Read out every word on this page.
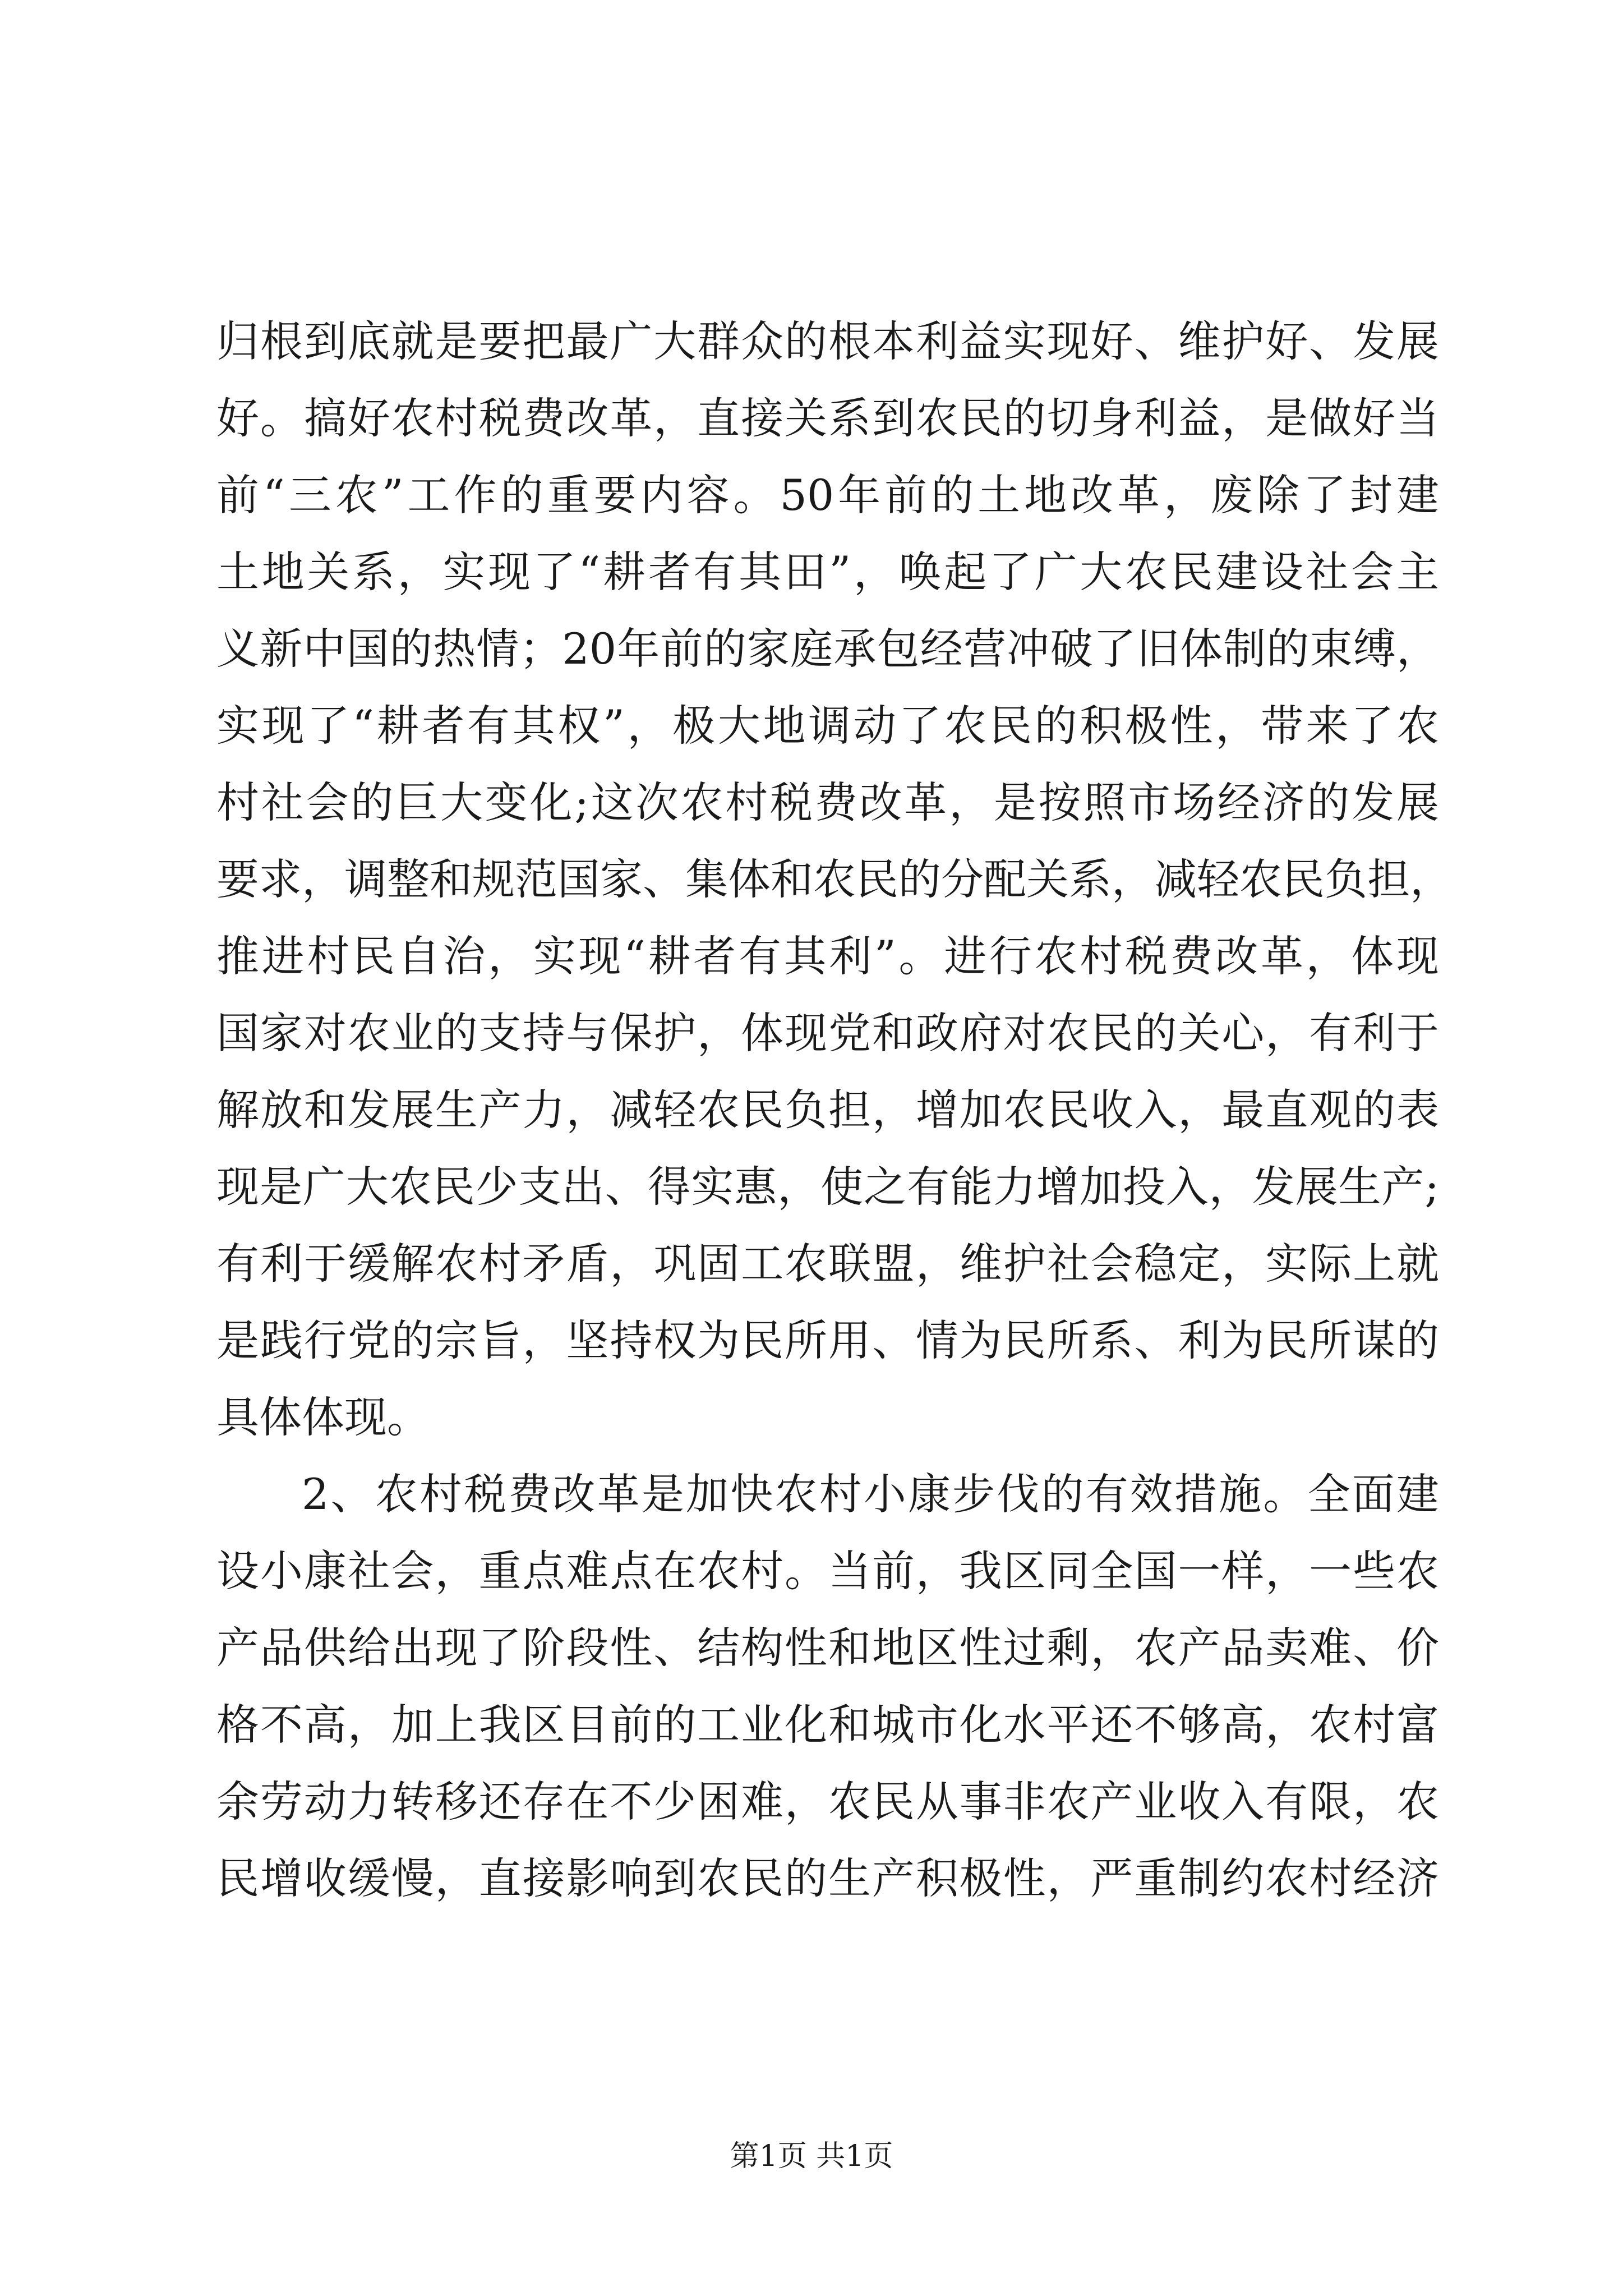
归根到底就是要把最广大群众的根本利益实现好、维护好、发展
好。搞好农村税费改革，直接关系到农民的切身利益，是做好当
前“三农”工作的重要内容。50年前的土地改革，废除了封建
土地关系，实现了“耕者有其田”，唤起了广大农民建设社会主
义新中国的热情；20年前的家庭承包经营冲破了旧体制的束缚，
实现了“耕者有其权”，极大地调动了农民的积极性，带来了农
村社会的巨大变化;这次农村税费改革，是按照市场经济的发展
要求，调整和规范国家、集体和农民的分配关系，减轻农民负担，
推进村民自治，实现“耕者有其利”。进行农村税费改革，体现
国家对农业的支持与保护，体现党和政府对农民的关心，有利于
解放和发展生产力，减轻农民负担，增加农民收入，最直观的表
现是广大农民少支出、得实惠，使之有能力增加投入，发展生产;
有利于缓解农村矛盾，巩固工农联盟，维护社会稳定，实际上就
是践行党的宗旨，坚持权为民所用、情为民所系、利为民所谋的
具体体现。
2、农村税费改革是加快农村小康步伐的有效措施。全面建
设小康社会，重点难点在农村。当前，我区同全国一样，一些农
产品供给出现了阶段性、结构性和地区性过剩，农产品卖难、价
格不高，加上我区目前的工业化和城市化水平还不够高，农村富
余劳动力转移还存在不少困难，农民从事非农产业收入有限，农
民增收缓慢，直接影响到农民的生产积极性，严重制约农村经济
第1页 共1页
